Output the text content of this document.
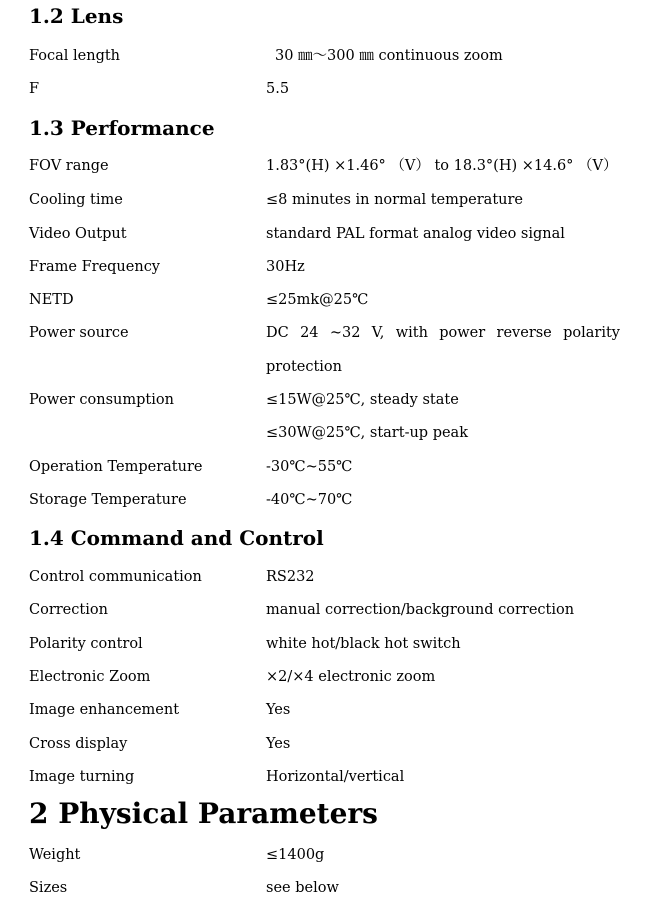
1.2 Lens
Focal length	30 ㎜～300 ㎜ continuous zoom
F	5.5
1.3 Performance
FOV range	1.83°(H) ×1.46° （V） to 18.3°(H) ×14.6° （V）
Cooling time	≤8 minutes in normal temperature
Video Output	standard PAL format analog video signal
Frame Frequency	30Hz
NETD	≤25mk@25℃
Power source	DC 24 ~32 V, with power reverse polarity
protection
Power consumption	≤15W@25℃, steady state
≤30W@25℃, start-up peak
Operation Temperature	-30℃~55℃
Storage Temperature	-40℃~70℃
1.4 Command and Control
Control communication	RS232
Correction	manual correction/background correction
Polarity control	white hot/black hot switch
Electronic Zoom	×2/×4 electronic zoom
Image enhancement	Yes
Cross display	Yes
Image turning	Horizontal/vertical
2 Physical Parameters
Weight	≤1400g
Sizes	see below
